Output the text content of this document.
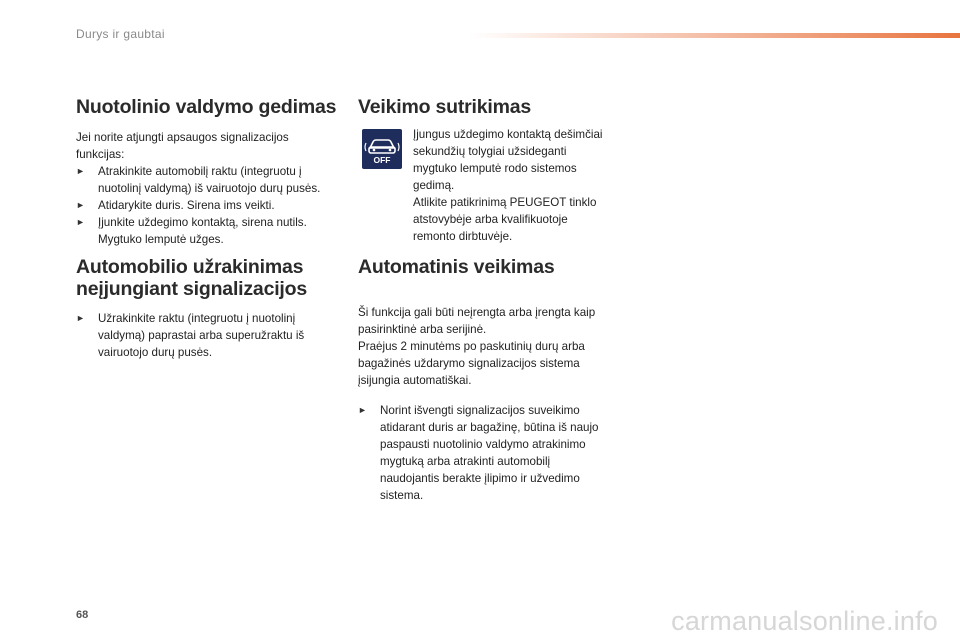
Durys ir gaubtai
Nuotolinio valdymo gedimas
Jei norite atjungti apsaugos signalizacijos
funkcijas:
►	Atrakinkite automobilį raktu (integruotu į
nuotolinį valdymą) iš vairuotojo durų pusės.
►	Atidarykite duris. Sirena ims veikti.
►	Įjunkite uždegimo kontaktą, sirena nutils.
Mygtuko lemputė užges.
Automobilio užrakinimas
neįjungiant signalizacijos
►	Užrakinkite raktu (integruotu į nuotolinį
valdymą) paprastai arba superužraktu iš
vairuotojo durų pusės.
Veikimo sutrikimas
OFF
Įjungus uždegimo kontaktą dešimčiai
sekundžių tolygiai užsideganti
mygtuko lemputė rodo sistemos
gedimą.
Atlikite patikrinimą PEUGEOT tinklo
atstovybėje arba kvalifikuotoje
remonto dirbtuvėje.
Automatinis veikimas
Ši funkcija gali būti neįrengta arba įrengta kaip
pasirinktinė arba serijinė.
Praėjus 2 minutėms po paskutinių durų arba
bagažinės uždarymo signalizacijos sistema
įsijungia automatiškai.
►	Norint išvengti signalizacijos suveikimo
atidarant duris ar bagažinę, būtina iš naujo
paspausti nuotolinio valdymo atrakinimo
mygtuką arba atrakinti automobilį
naudojantis berakte įlipimo ir užvedimo
sistema.
68	carmanualsonline.info
